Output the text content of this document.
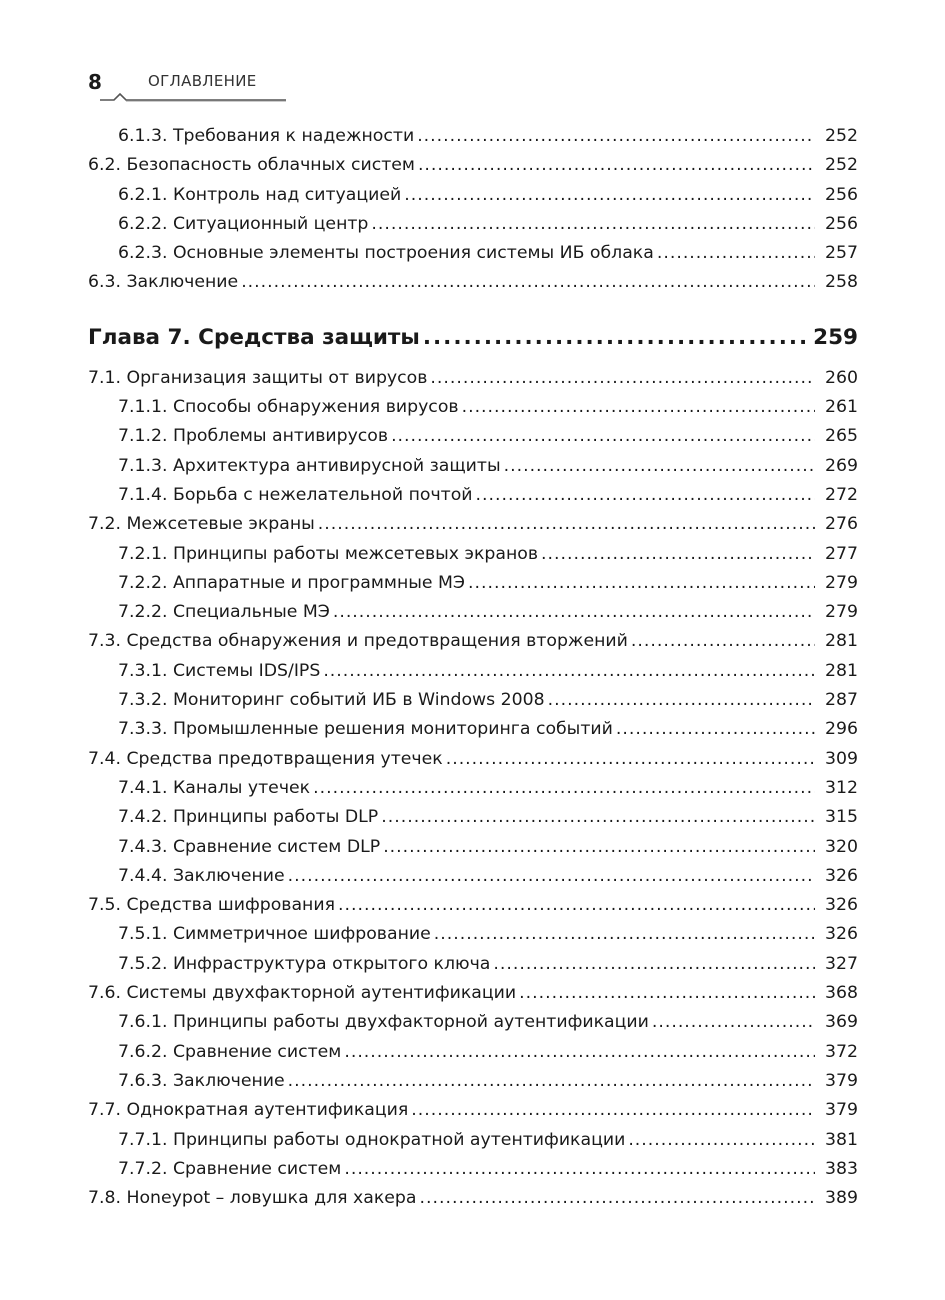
8	ОГЛАВЛЕНИЕ
6.1.3. Требования к надежности .....	252
6.2. Безопасность облачных систем .....	252
6.2.1. Контроль над ситуацией .....	256
6.2.2. Ситуационный центр .....	256
6.2.3. Основные элементы построения системы ИБ облака .....	257
6.3. Заключение .....	258
Глава 7. Средства защиты .....	259
7.1. Организация защиты от вирусов .....	260
7.1.1. Способы обнаружения вирусов .....	261
7.1.2. Проблемы антивирусов .....	265
7.1.3. Архитектура антивирусной защиты .....	269
7.1.4. Борьба с нежелательной почтой .....	272
7.2. Межсетевые экраны .....	276
7.2.1. Принципы работы межсетевых экранов .....	277
7.2.2. Аппаратные и программные МЭ .....	279
7.2.2. Специальные МЭ .....	279
7.3. Средства обнаружения и предотвращения вторжений .....	281
7.3.1. Системы IDS/IPS .....	281
7.3.2. Мониторинг событий ИБ в Windows 2008 .....	287
7.3.3. Промышленные решения мониторинга событий .....	296
7.4. Средства предотвращения утечек .....	309
7.4.1. Каналы утечек .....	312
7.4.2. Принципы работы DLP .....	315
7.4.3. Сравнение систем DLP .....	320
7.4.4. Заключение .....	326
7.5. Средства шифрования .....	326
7.5.1. Симметричное шифрование .....	326
7.5.2. Инфраструктура открытого ключа .....	327
7.6. Системы двухфакторной аутентификации .....	368
7.6.1. Принципы работы двухфакторной аутентификации .....	369
7.6.2. Сравнение систем .....	372
7.6.3. Заключение .....	379
7.7. Однократная аутентификация .....	379
7.7.1. Принципы работы однократной аутентификации .....	381
7.7.2. Сравнение систем .....	383
7.8. Honeypot – ловушка для хакера .....	389
